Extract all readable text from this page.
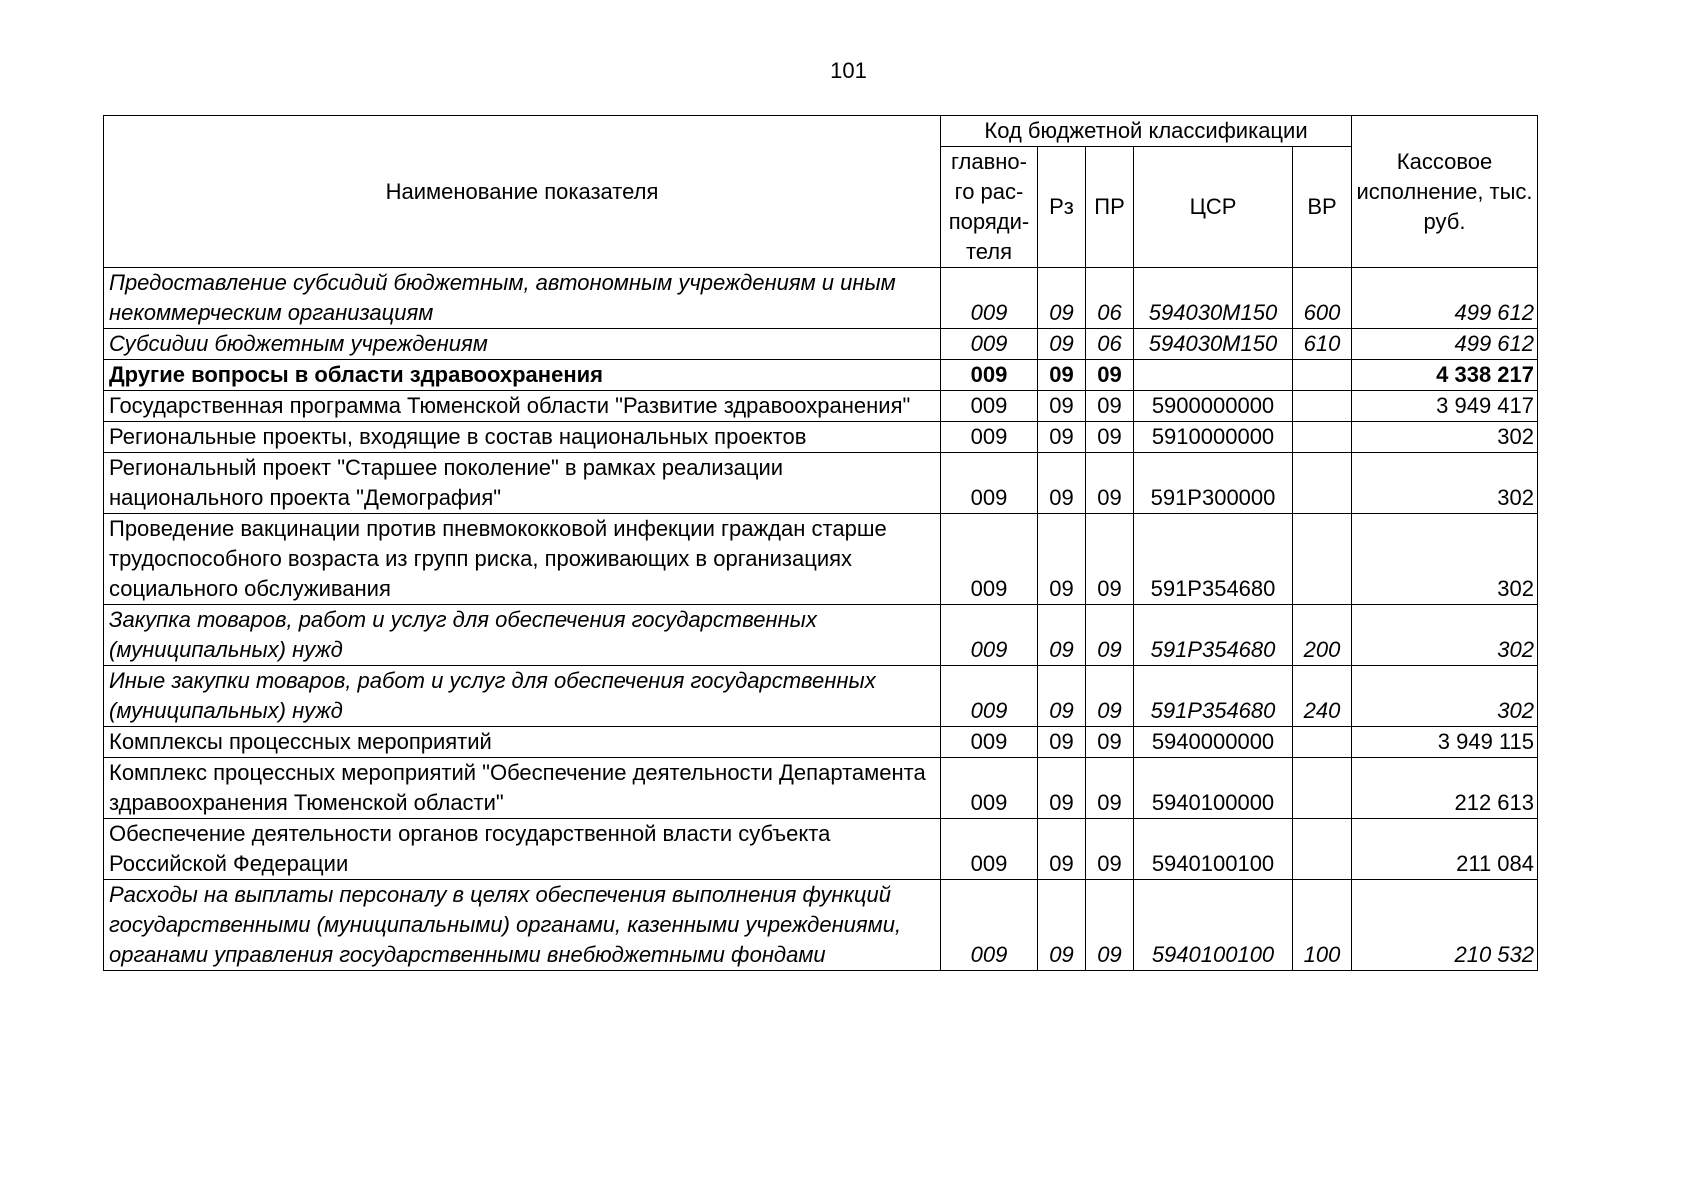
101
Наименование показателя	Код бюджетной классификации					Кассовое исполнение, тыс. руб.
	главно-го рас-поряди-теля	Рз	ПР	ЦСР	ВР	
Предоставление субсидий бюджетным, автономным учреждениям и иным некоммерческим организациям	009	09	06	594030М150	600	499 612
Субсидии бюджетным учреждениям	009	09	06	594030М150	610	499 612
Другие вопросы в области здравоохранения	009	09	09			4 338 217
Государственная программа Тюменской области "Развитие здравоохранения"	009	09	09	5900000000		3 949 417
Региональные проекты, входящие в состав национальных проектов	009	09	09	5910000000		302
Региональный проект "Старшее поколение" в рамках реализации национального проекта "Демография"	009	09	09	591Р300000		302
Проведение вакцинации против пневмококковой инфекции граждан старше трудоспособного возраста из групп риска, проживающих в организациях социального обслуживания	009	09	09	591Р354680		302
Закупка товаров, работ и услуг для обеспечения государственных (муниципальных) нужд	009	09	09	591Р354680	200	302
Иные закупки товаров, работ и услуг для обеспечения государственных (муниципальных) нужд	009	09	09	591Р354680	240	302
Комплексы процессных мероприятий	009	09	09	5940000000		3 949 115
Комплекс процессных мероприятий "Обеспечение деятельности Департамента здравоохранения Тюменской области"	009	09	09	5940100000		212 613
Обеспечение деятельности органов государственной власти субъекта Российской Федерации	009	09	09	5940100100		211 084
Расходы на выплаты персоналу в целях обеспечения выполнения функций государственными (муниципальными) органами, казенными учреждениями, органами управления государственными внебюджетными фондами	009	09	09	5940100100	100	210 532
